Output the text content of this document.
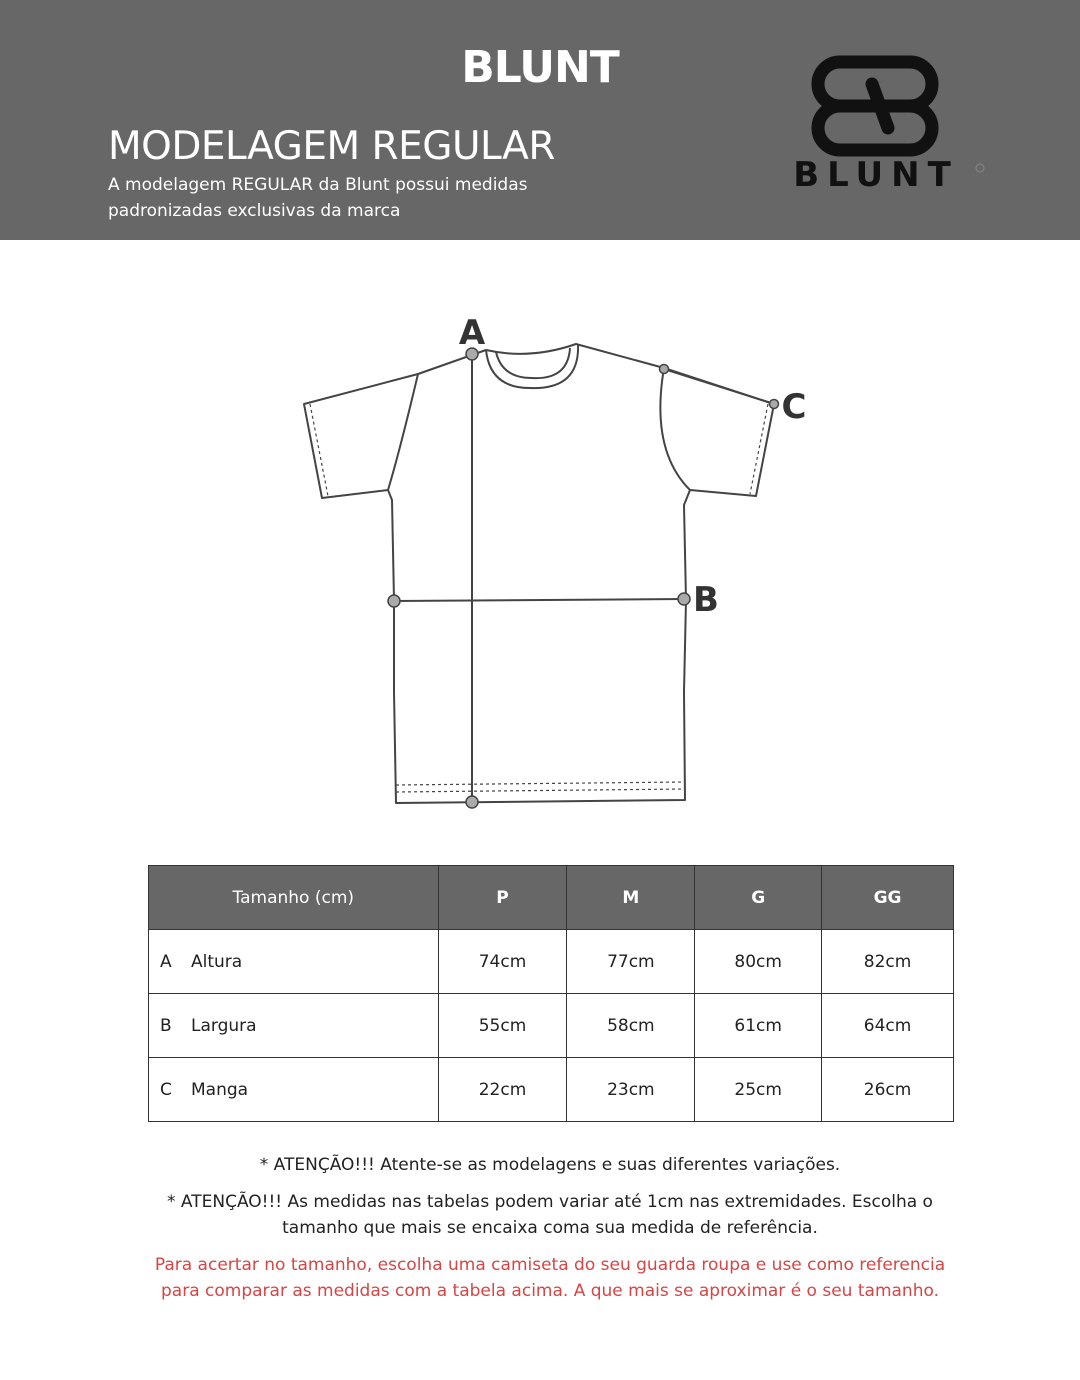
BLUNT
MODELAGEM REGULAR
A modelagem REGULAR da Blunt possui medidas padronizadas exclusivas da marca
BLUNT
A
B
C
Tamanho (cm)	P	M	G	GG
A Altura	74cm	77cm	80cm	82cm
B Largura	55cm	58cm	61cm	64cm
C Manga	22cm	23cm	25cm	26cm

* ATENÇÃO!!! Atente-se as modelagens e suas diferentes variações.

* ATENÇÃO!!! As medidas nas tabelas podem variar até 1cm nas extremidades. Escolha o tamanho que mais se encaixa coma sua medida de referência.

Para acertar no tamanho, escolha uma camiseta do seu guarda roupa e use como referencia para comparar as medidas com a tabela acima. A que mais se aproximar é o seu tamanho.
